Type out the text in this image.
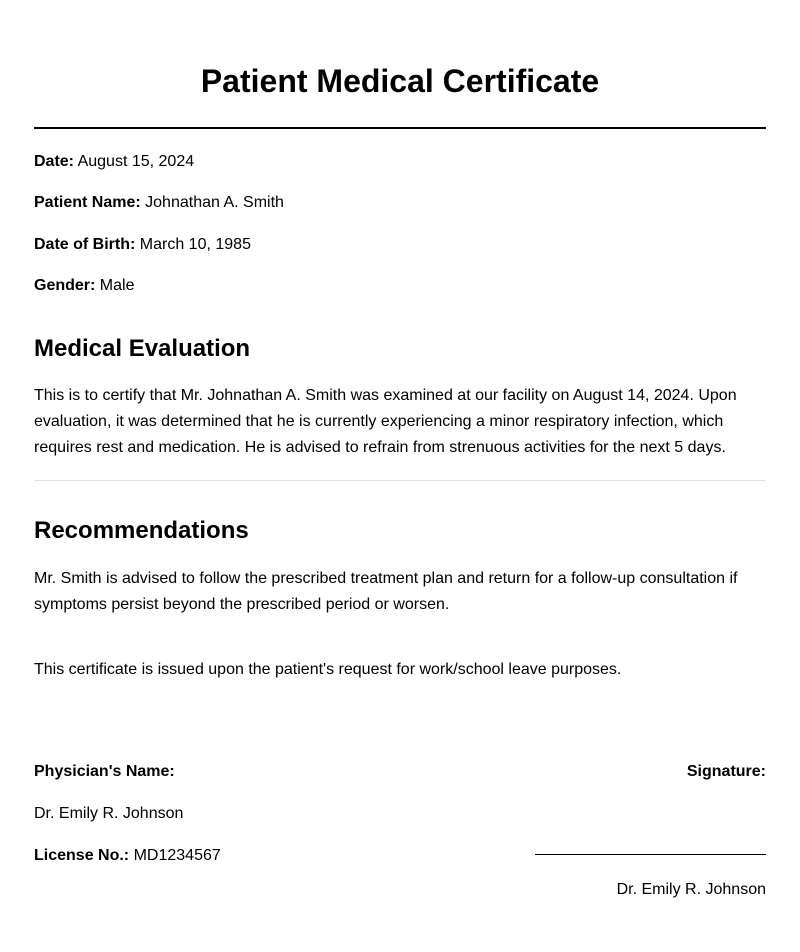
Patient Medical Certificate
Date: August 15, 2024
Patient Name: Johnathan A. Smith
Date of Birth: March 10, 1985
Gender: Male
Medical Evaluation

This is to certify that Mr. Johnathan A. Smith was examined at our facility on August 14, 2024. Upon evaluation, it was determined that he is currently experiencing a minor respiratory infection, which requires rest and medication. He is advised to refrain from strenuous activities for the next 5 days.

Recommendations

Mr. Smith is advised to follow the prescribed treatment plan and return for a follow-up consultation if symptoms persist beyond the prescribed period or worsen.

This certificate is issued upon the patient's request for work/school leave purposes.

Physician's Name:	Signature:
Dr. Emily R. Johnson
License No.: MD1234567
Dr. Emily R. Johnson
